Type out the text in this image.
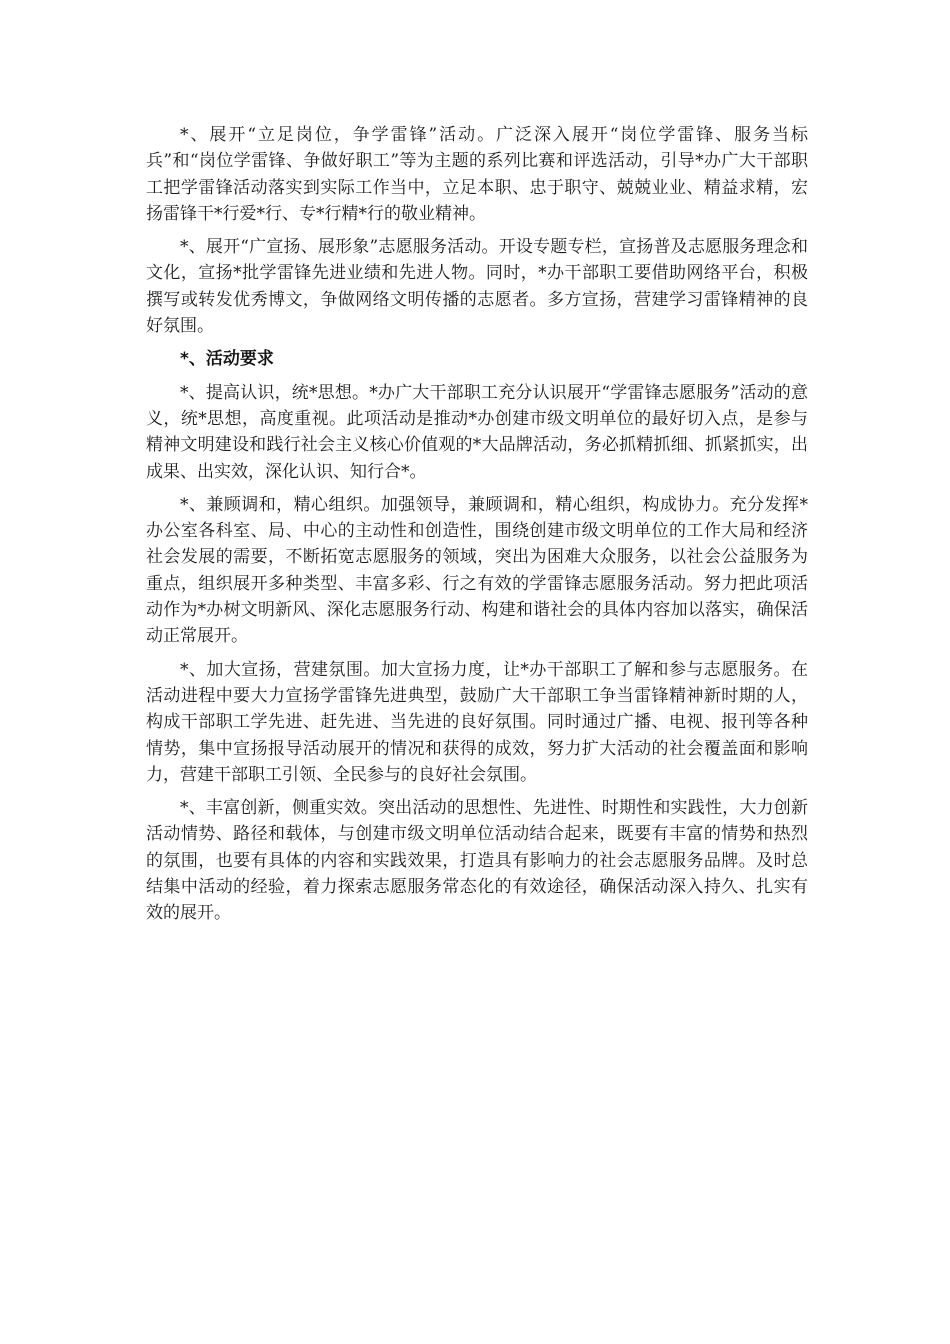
*、展开“立足岗位，争学雷锋”活动。广泛深入展开“岗位学雷锋、服务当标兵”和“岗位学雷锋、争做好职工”等为主题的系列比赛和评选活动，引导*办广大干部职工把学雷锋活动落实到实际工作当中，立足本职、忠于职守、兢兢业业、精益求精，宏扬雷锋干*行爱*行、专*行精*行的敬业精神。

*、展开“广宣扬、展形象”志愿服务活动。开设专题专栏，宣扬普及志愿服务理念和文化，宣扬*批学雷锋先进业绩和先进人物。同时，*办干部职工要借助网络平台，积极撰写或转发优秀博文，争做网络文明传播的志愿者。多方宣扬，营建学习雷锋精神的良好氛围。

*、活动要求

*、提高认识，统*思想。*办广大干部职工充分认识展开“学雷锋志愿服务”活动的意义，统*思想，高度重视。此项活动是推动*办创建市级文明单位的最好切入点，是参与精神文明建设和践行社会主义核心价值观的*大品牌活动，务必抓精抓细、抓紧抓实，出成果、出实效，深化认识、知行合*。

*、兼顾调和，精心组织。加强领导，兼顾调和，精心组织，构成协力。充分发挥*办公室各科室、局、中心的主动性和创造性，围绕创建市级文明单位的工作大局和经济社会发展的需要，不断拓宽志愿服务的领域，突出为困难大众服务，以社会公益服务为重点，组织展开多种类型、丰富多彩、行之有效的学雷锋志愿服务活动。努力把此项活动作为*办树文明新风、深化志愿服务行动、构建和谐社会的具体内容加以落实，确保活动正常展开。

*、加大宣扬，营建氛围。加大宣扬力度，让*办干部职工了解和参与志愿服务。在活动进程中要大力宣扬学雷锋先进典型，鼓励广大干部职工争当雷锋精神新时期的人，构成干部职工学先进、赶先进、当先进的良好氛围。同时通过广播、电视、报刊等各种情势，集中宣扬报导活动展开的情况和获得的成效，努力扩大活动的社会覆盖面和影响力，营建干部职工引领、全民参与的良好社会氛围。

*、丰富创新，侧重实效。突出活动的思想性、先进性、时期性和实践性，大力创新活动情势、路径和载体，与创建市级文明单位活动结合起来，既要有丰富的情势和热烈的氛围，也要有具体的内容和实践效果，打造具有影响力的社会志愿服务品牌。及时总结集中活动的经验，着力探索志愿服务常态化的有效途径，确保活动深入持久、扎实有效的展开。
